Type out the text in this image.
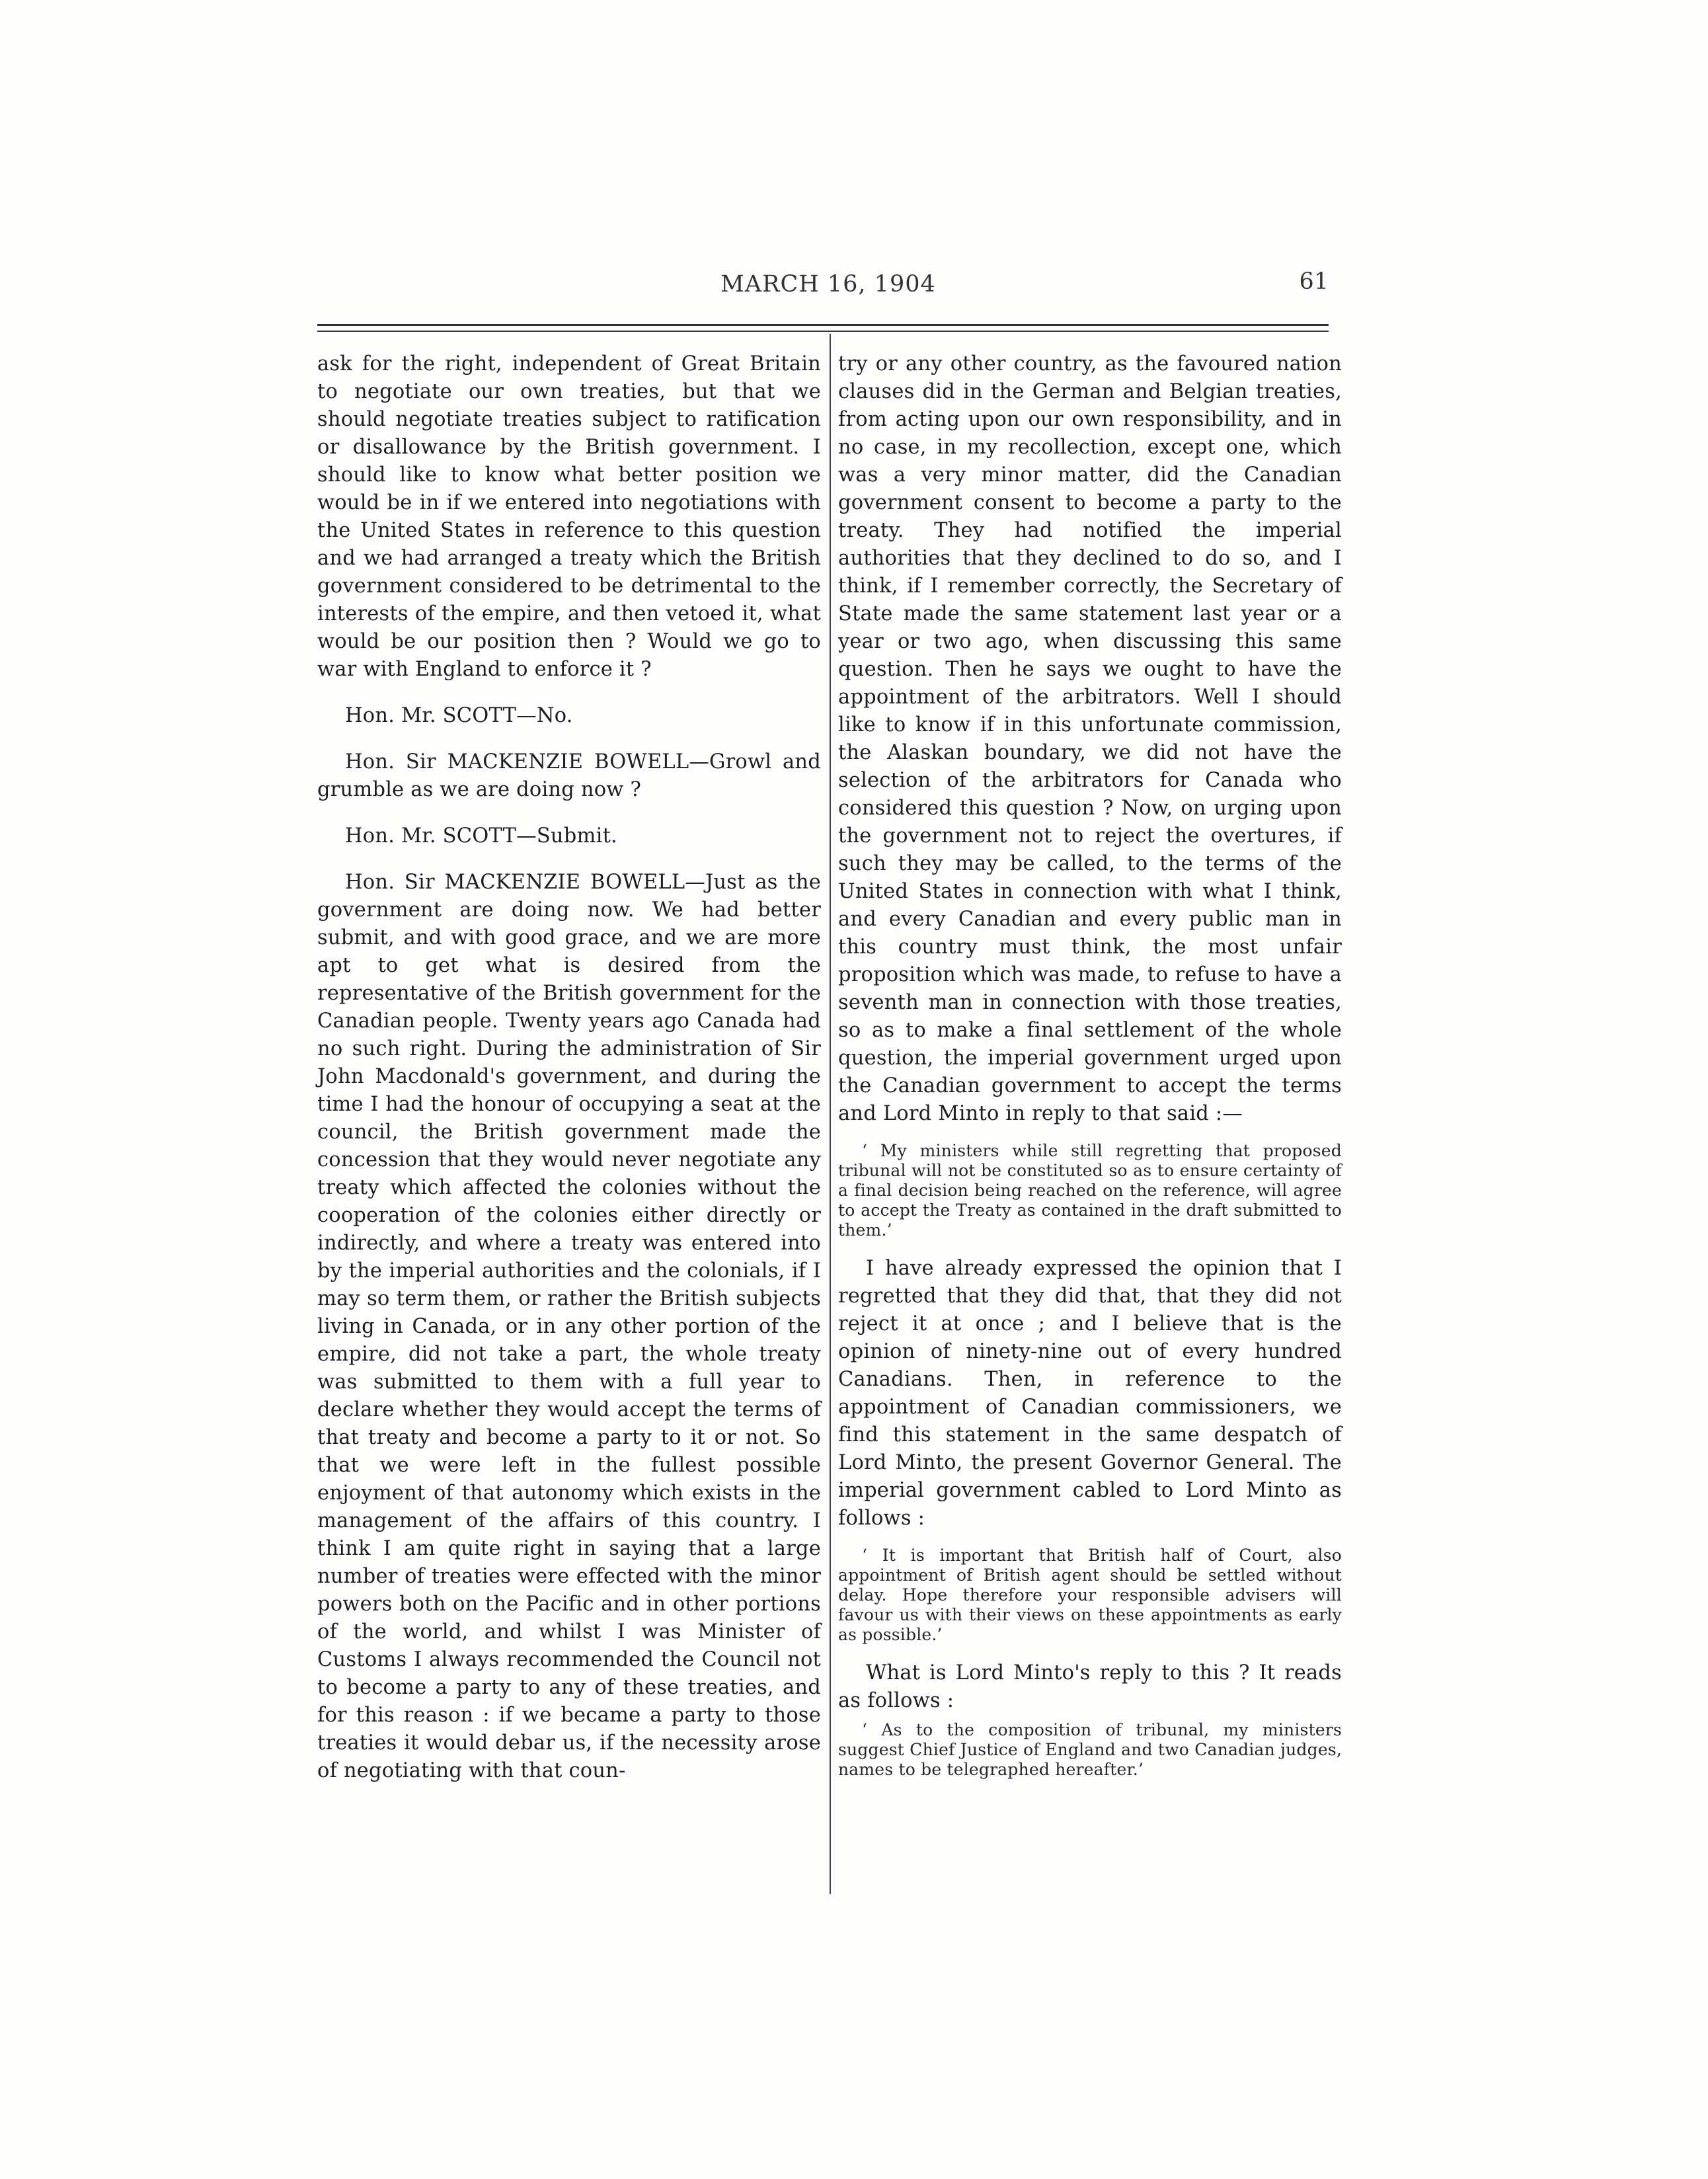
MARCH 16, 1904	61

ask for the right, independent of Great Britain to negotiate our own treaties, but that we should negotiate treaties subject to ratification or disallowance by the British government. I should like to know what better position we would be in if we entered into negotiations with the United States in reference to this question and we had arranged a treaty which the British government considered to be detrimental to the interests of the empire, and then vetoed it, what would be our position then ? Would we go to war with England to enforce it ?

Hon. Mr. SCOTT—No.

Hon. Sir MACKENZIE BOWELL—Growl and grumble as we are doing now ?

Hon. Mr. SCOTT—Submit.

Hon. Sir MACKENZIE BOWELL—Just as the government are doing now. We had better submit, and with good grace, and we are more apt to get what is desired from the representative of the British government for the Canadian people. Twenty years ago Canada had no such right. During the administration of Sir John Macdonald's government, and during the time I had the honour of occupying a seat at the council, the British government made the concession that they would never negotiate any treaty which affected the colonies without the cooperation of the colonies either directly or indirectly, and where a treaty was entered into by the imperial authorities and the colonials, if I may so term them, or rather the British subjects living in Canada, or in any other portion of the empire, did not take a part, the whole treaty was submitted to them with a full year to declare whether they would accept the terms of that treaty and become a party to it or not. So that we were left in the fullest possible enjoyment of that autonomy which exists in the management of the affairs of this country. I think I am quite right in saying that a large number of treaties were effected with the minor powers both on the Pacific and in other portions of the world, and whilst I was Minister of Customs I always recommended the Council not to become a party to any of these treaties, and for this reason : if we became a party to those treaties it would debar us, if the necessity arose of negotiating with that coun-

try or any other country, as the favoured nation clauses did in the German and Belgian treaties, from acting upon our own responsibility, and in no case, in my recollection, except one, which was a very minor matter, did the Canadian government consent to become a party to the treaty. They had notified the imperial authorities that they declined to do so, and I think, if I remember correctly, the Secretary of State made the same statement last year or a year or two ago, when discussing this same question. Then he says we ought to have the appointment of the arbitrators. Well I should like to know if in this unfortunate commission, the Alaskan boundary, we did not have the selection of the arbitrators for Canada who considered this question ? Now, on urging upon the government not to reject the overtures, if such they may be called, to the terms of the United States in connection with what I think, and every Canadian and every public man in this country must think, the most unfair proposition which was made, to refuse to have a seventh man in connection with those treaties, so as to make a final settlement of the whole question, the imperial government urged upon the Canadian government to accept the terms and Lord Minto in reply to that said :—

‘ My ministers while still regretting that proposed tribunal will not be constituted so as to ensure certainty of a final decision being reached on the reference, will agree to accept the Treaty as contained in the draft submitted to them.’

I have already expressed the opinion that I regretted that they did that, that they did not reject it at once ; and I believe that is the opinion of ninety-nine out of every hundred Canadians. Then, in reference to the appointment of Canadian commissioners, we find this statement in the same despatch of Lord Minto, the present Governor General. The imperial government cabled to Lord Minto as follows :

‘ It is important that British half of Court, also appointment of British agent should be settled without delay. Hope therefore your responsible advisers will favour us with their views on these appointments as early as possible.’

What is Lord Minto's reply to this ? It reads as follows :

‘ As to the composition of tribunal, my ministers suggest Chief Justice of England and two Canadian judges, names to be telegraphed hereafter.’
